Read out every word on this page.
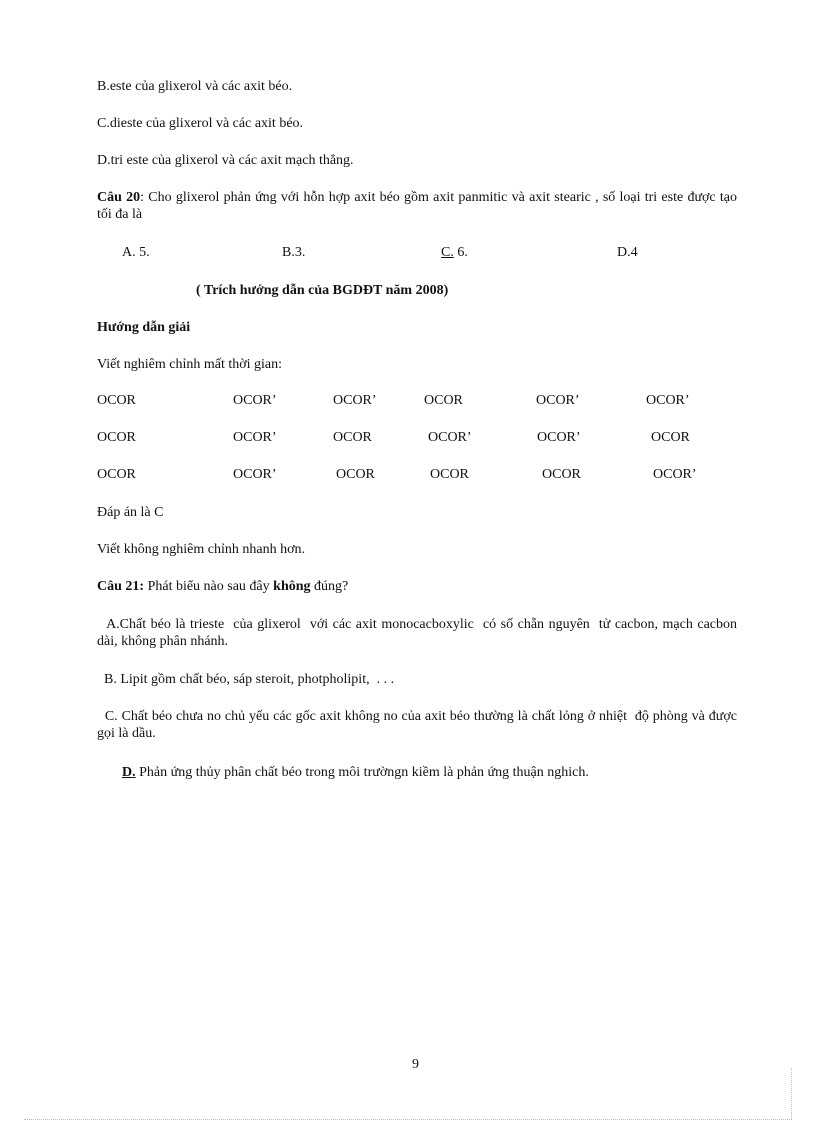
B.este của glixerol và các axit béo.
C.dieste của glixerol và các axit béo.
D.tri este của glixerol và các axit mạch thẳng.
Câu 20: Cho glixerol phản ứng với hỗn hợp axit béo gồm axit panmitic và axit stearic , số loại tri este được tạo tối đa là
A. 5.	B.3.	C. 6.	D.4
( Trích hướng dẫn của BGDĐT năm 2008)
Hướng dẫn giải
Viết nghiêm chỉnh mất thời gian:
OCOR	OCOR’	OCOR’	OCOR	OCOR’	OCOR’
OCOR	OCOR’	OCOR	OCOR’	OCOR’	OCOR
OCOR	OCOR’	OCOR	OCOR	OCOR	OCOR’
Đáp án là C
Viết không nghiêm chỉnh nhanh hơn.
Câu 21: Phát biểu nào sau đây không đúng?
A.Chất béo là trieste  của glixerol  với các axit monocacboxylic  có số chẵn nguyên  tử cacbon, mạch cacbon dài, không phân nhánh.
B. Lipit gồm chất béo, sáp steroit, photpholipit,  . . .
C. Chất béo chưa no chủ yếu các gốc axit không no của axit béo thường là chất lỏng ở nhiệt  độ phòng và được gọi là dầu.
D. Phản ứng thủy phân chất béo trong môi trườngn kiềm là phản ứng thuận nghich.
9
